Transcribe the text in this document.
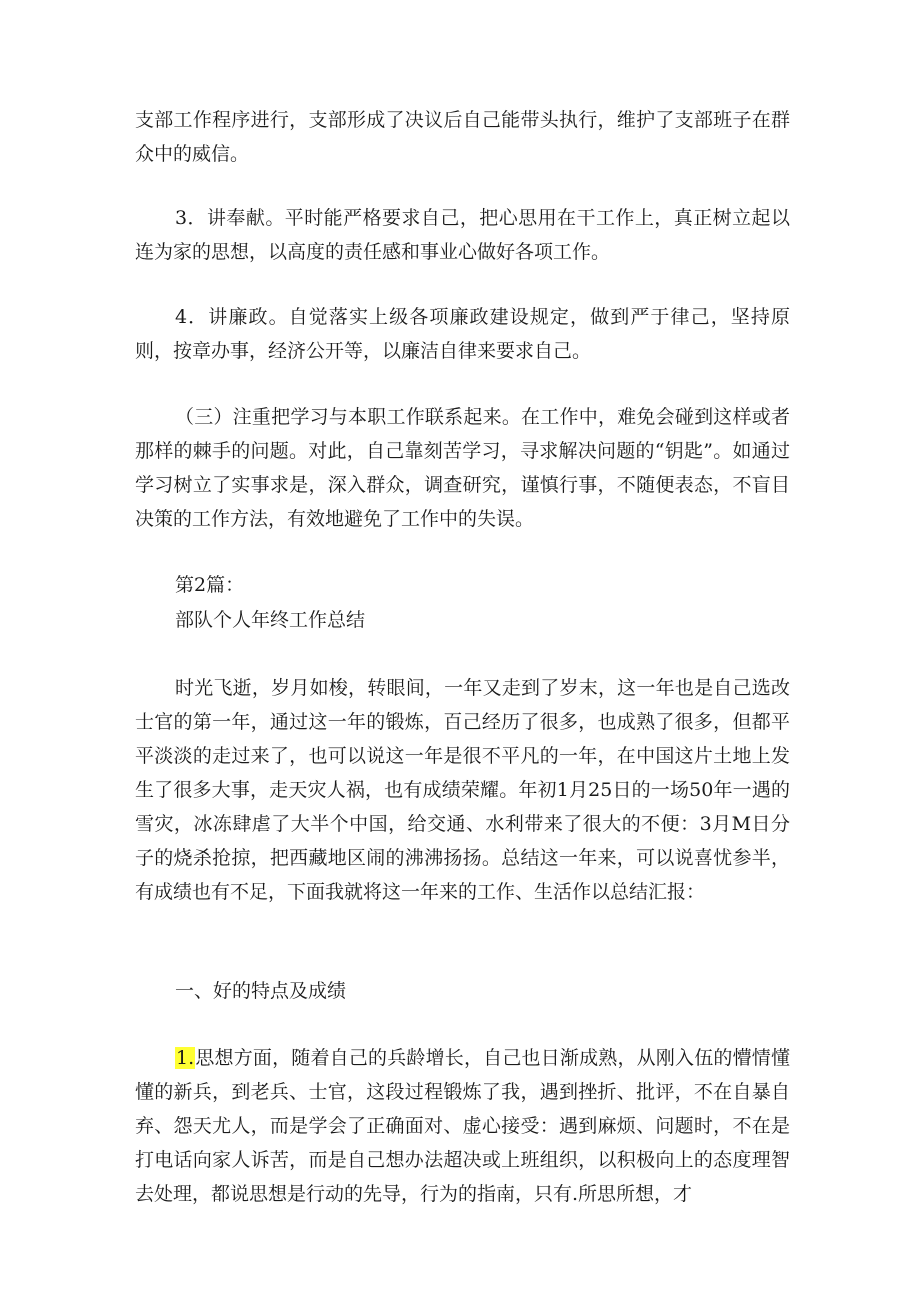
支部工作程序进行，支部形成了决议后自己能带头执行，维护了支部班子在群众中的威信。

3．讲奉献。平时能严格要求自己，把心思用在干工作上，真正树立起以连为家的思想，以高度的责任感和事业心做好各项工作。

4．讲廉政。自觉落实上级各项廉政建设规定，做到严于律己，坚持原则，按章办事，经济公开等，以廉洁自律来要求自己。

（三）注重把学习与本职工作联系起来。在工作中，难免会碰到这样或者那样的棘手的问题。对此，自己靠刻苦学习，寻求解决问题的“钥匙”。如通过学习树立了实事求是，深入群众，调查研究，谨慎行事，不随便表态，不盲目决策的工作方法，有效地避免了工作中的失误。

第2篇：

部队个人年终工作总结

时光飞逝，岁月如梭，转眼间，一年又走到了岁末，这一年也是自己选改士官的第一年，通过这一年的锻炼，百己经历了很多，也成熟了很多，但都平平淡淡的走过来了，也可以说这一年是很不平凡的一年，在中国这片土地上发生了很多大事，走天灾人祸，也有成绩荣耀。年初1月25日的一场50年一遇的雪灾，冰冻肆虐了大半个中国，给交通、水利带来了很大的不便：3月M日分子的烧杀抢掠，把西藏地区闹的沸沸扬扬。总结这一年来，可以说喜忧参半，有成绩也有不足，下面我就将这一年来的工作、生活作以总结汇报：

一、好的特点及成绩

1.思想方面，随着自己的兵龄增长，自己也日渐成熟，从刚入伍的懵情懂懂的新兵，到老兵、士官，这段过程锻炼了我，遇到挫折、批评，不在自暴自弃、怨天尤人，而是学会了正确面对、虚心接受：遇到麻烦、问题时，不在是打电话向家人诉苦，而是自己想办法超决或上班组织，以积极向上的态度理智去处理，都说思想是行动的先导，行为的指南，只有.所思所想，才
